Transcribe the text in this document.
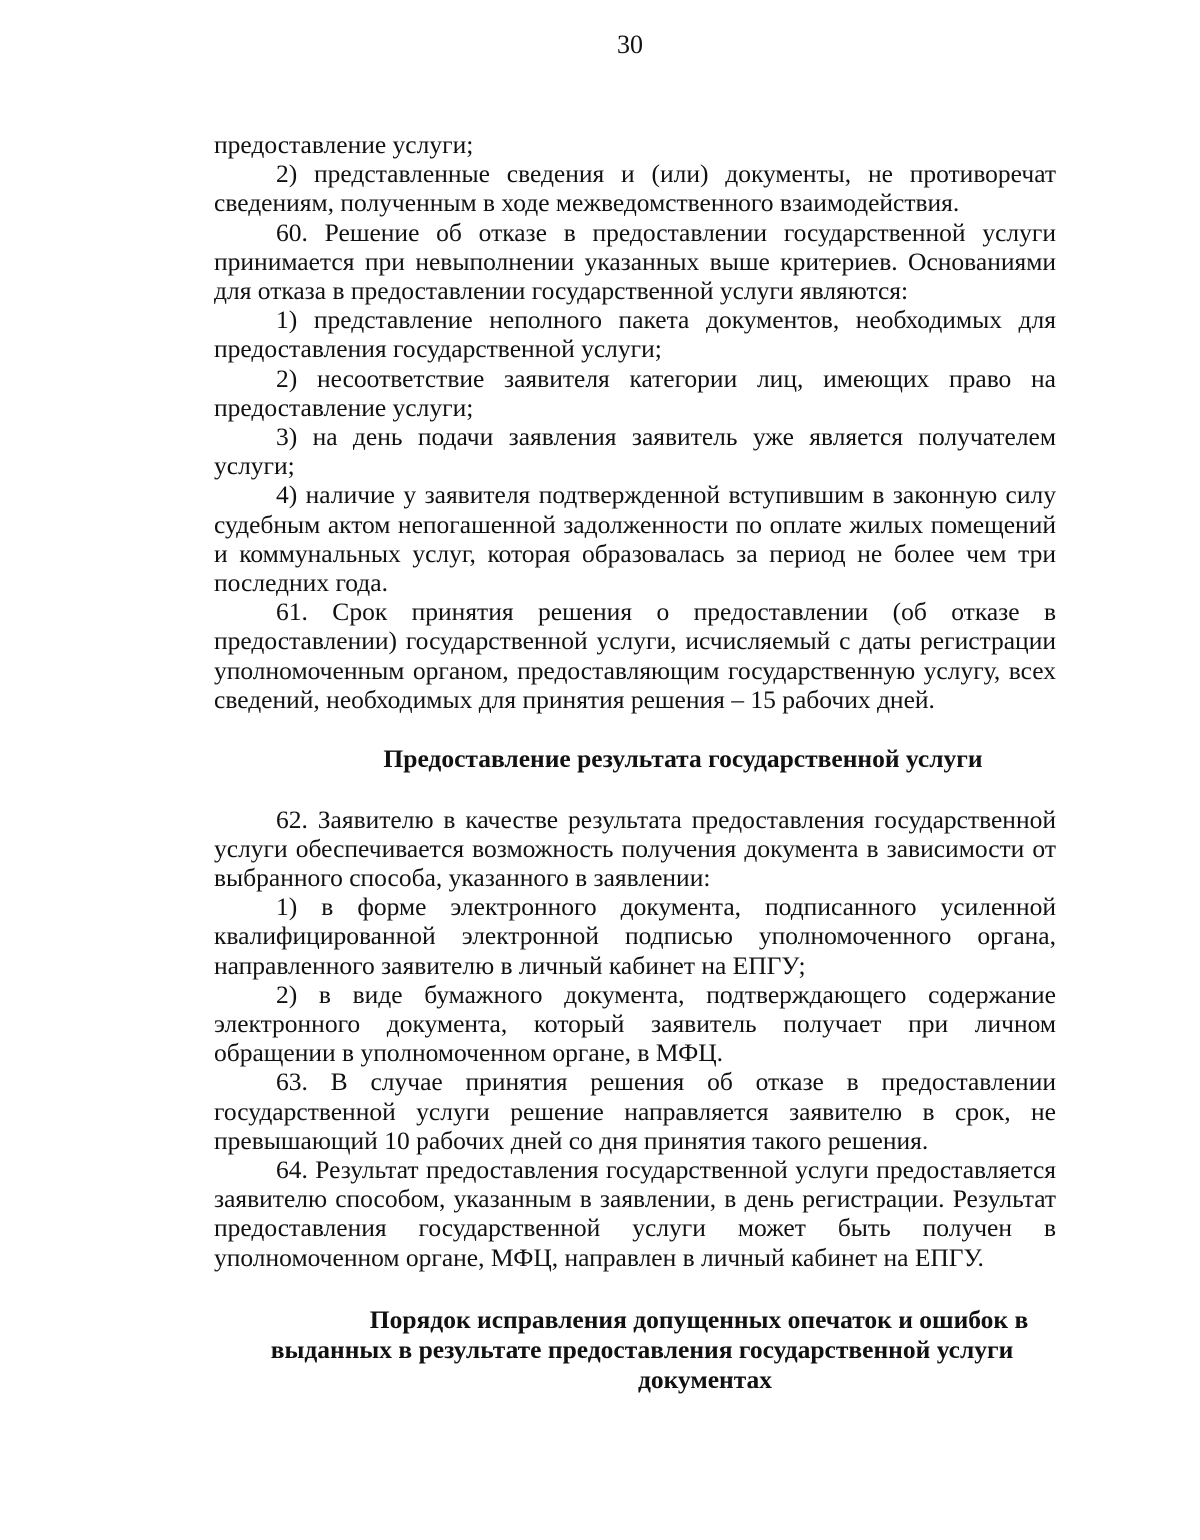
30

предоставление услуги;

2) представленные сведения и (или) документы, не противоречат сведениям, полученным в ходе межведомственного взаимодействия.

60. Решение об отказе в предоставлении государственной услуги принимается при невыполнении указанных выше критериев. Основаниями для отказа в предоставлении государственной услуги являются:

1) представление неполного пакета документов, необходимых для предоставления государственной услуги;

2) несоответствие заявителя категории лиц, имеющих право на предоставление услуги;

3) на день подачи заявления заявитель уже является получателем услуги;

4) наличие у заявителя подтвержденной вступившим в законную силу судебным актом непогашенной задолженности по оплате жилых помещений и коммунальных услуг, которая образовалась за период не более чем три последних года.

61. Срок принятия решения о предоставлении (об отказе в предоставлении) государственной услуги, исчисляемый с даты регистрации уполномоченным органом, предоставляющим государственную услугу, всех сведений, необходимых для принятия решения – 15 рабочих дней.

Предоставление результата государственной услуги

62. Заявителю в качестве результата предоставления государственной услуги обеспечивается возможность получения документа в зависимости от выбранного способа, указанного в заявлении:

1) в форме электронного документа, подписанного усиленной квалифицированной электронной подписью уполномоченного органа, направленного заявителю в личный кабинет на ЕПГУ;

2) в виде бумажного документа, подтверждающего содержание электронного документа, который заявитель получает при личном обращении в уполномоченном органе, в МФЦ.

63. В случае принятия решения об отказе в предоставлении государственной услуги решение направляется заявителю в срок, не превышающий 10 рабочих дней со дня принятия такого решения.

64. Результат предоставления государственной услуги предоставляется заявителю способом, указанным в заявлении, в день регистрации. Результат предоставления государственной услуги может быть получен в уполномоченном органе, МФЦ, направлен в личный кабинет на ЕПГУ.

Порядок исправления допущенных опечаток и ошибок в
выданных в результате предоставления государственной услуги
документах
